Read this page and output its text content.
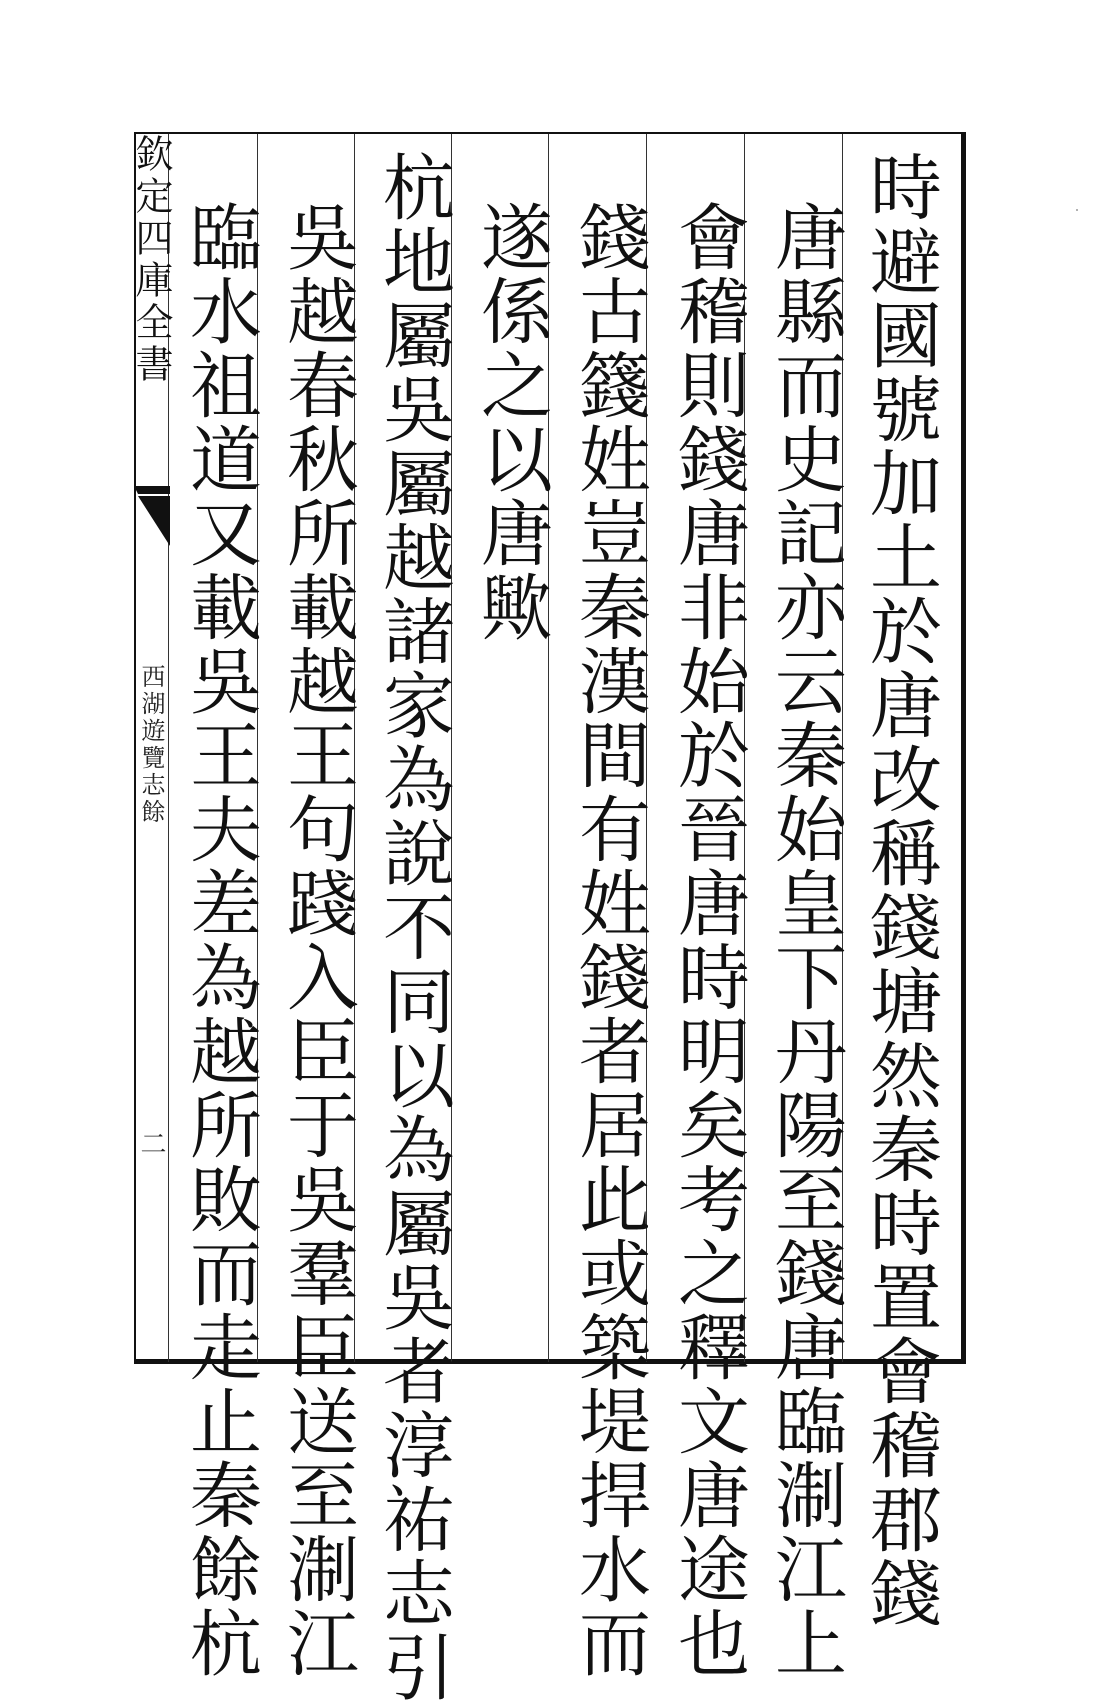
欽定四庫全書
西湖遊覽志餘
二	時避國號加土於唐改稱錢塘然秦時置會稽郡錢
唐縣而史記亦云秦始皇下丹陽至錢唐臨淛江上
會稽則錢唐非始於晉唐時明矣考之釋文唐途也
錢古籛姓豈秦漢間有姓錢者居此或築堤捍水而
遂係之以唐歟
杭地屬吳屬越諸家為說不同以為屬吳者淳祐志引
吳越春秋所載越王句踐入臣于吳羣臣送至淛江
臨水祖道又載吳王夫差為越所敗而走止秦餘杭
